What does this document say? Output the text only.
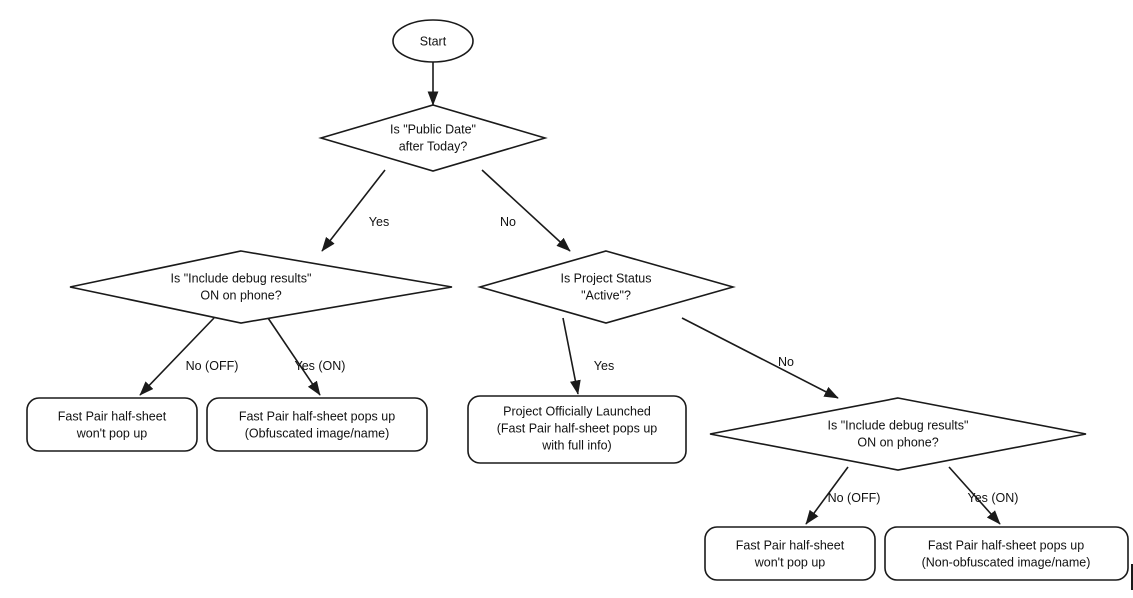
Start
Is "Public Date"
after Today?
Is "Include debug results"
ON on phone?
Is Project Status
"Active"?
Fast Pair half-sheet
won't pop up
Fast Pair half-sheet pops up
(Obfuscated image/name)
Project Officially Launched
(Fast Pair half-sheet pops up
with full info)
Is "Include debug results"
ON on phone?
Fast Pair half-sheet
won't pop up
Fast Pair half-sheet pops up
(Non-obfuscated image/name)
Yes	No
No (OFF)	Yes (ON)	Yes	No
No (OFF)	Yes (ON)
